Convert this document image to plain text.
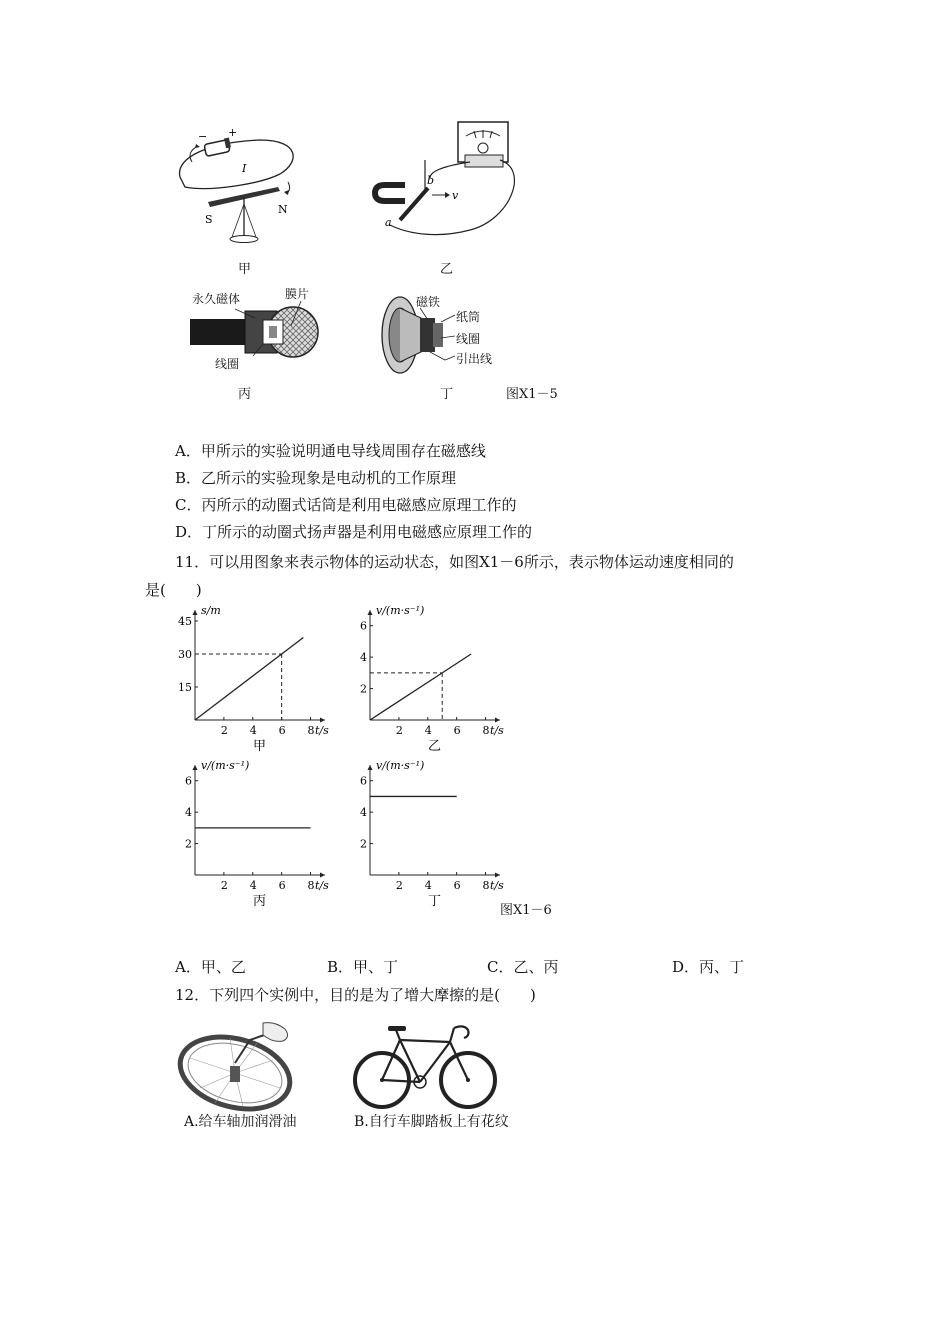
− +
I
S
N
甲
b
v
a
乙
永久磁体	膜片
线圈
丙
磁铁
纸筒
线圈
引出线
丁	图X1－5
A．甲所示的实验说明通电导线周围存在磁感线
B．乙所示的实验现象是电动机的工作原理
C．丙所示的动圈式话筒是利用电磁感应原理工作的
D．丁所示的动圈式扬声器是利用电磁感应原理工作的
11．可以用图象来表示物体的运动状态，如图X1－6所示，表示物体运动速度相同的
是(　　)
2 4 6 8 t/s
15
30
45
s/m
甲
2 4 6 8 t/s
2
4
6
v/(m·s⁻¹)
乙
2 4 6 8 t/s
2
4
6
v/(m·s⁻¹)
丙
2 4 6 8 t/s
2
4
6
v/(m·s⁻¹)
丁
图X1－6
A．甲、乙	B．甲、丁	C．乙、丙	D．丙、丁
12．下列四个实例中，目的是为了增大摩擦的是(　　)
A.给车轴加润滑油	B.自行车脚踏板上有花纹
